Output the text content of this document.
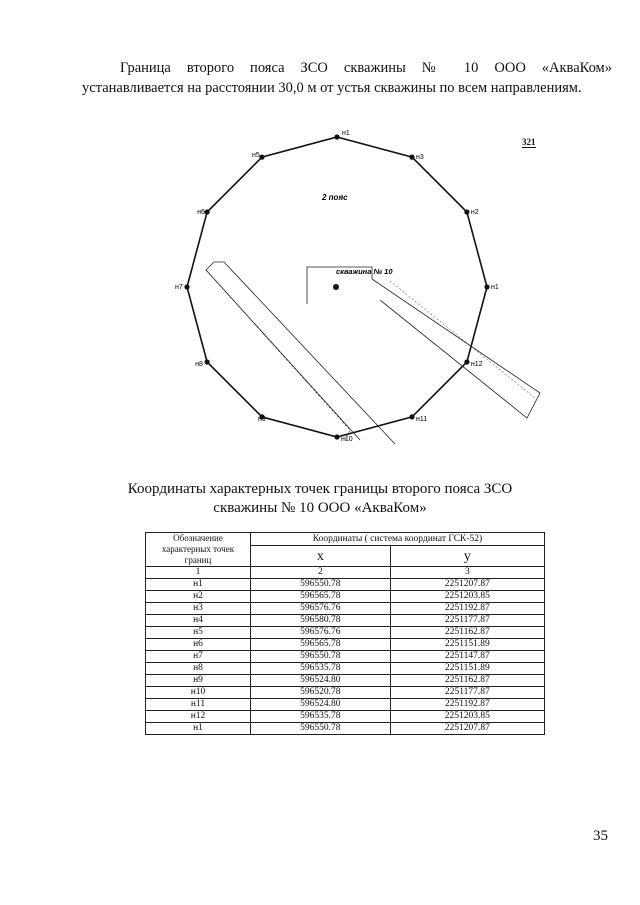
Граница второго пояса ЗСО скважины № 10 ООО «АкваКом»
устанавливается на расстоянии 30,0 м от устья скважины по всем направлениям.
321
н1
н3
н2
н1
н12
н11
н10
н9
н8
н7
н6
н5
2 пояс
скважина № 10
Координаты характерных точек границы второго пояса ЗСО
скважины № 10 ООО «АкваКом»
Обозначение характерных точек границ	Координаты ( система координат ГСК-52)	
	x	y
1	2	3
н1	596550.78	2251207.87
н2	596565.78	2251203.85
н3	596576.76	2251192.87
н4	596580.78	2251177.87
н5	596576.76	2251162.87
н6	596565.78	2251151.89
н7	596550.78	2251147.87
н8	596535.78	2251151.89
н9	596524.80	2251162.87
н10	596520.78	2251177.87
н11	596524.80	2251192.87
н12	596535.78	2251203.85
н1	596550.78	2251207.87
35
